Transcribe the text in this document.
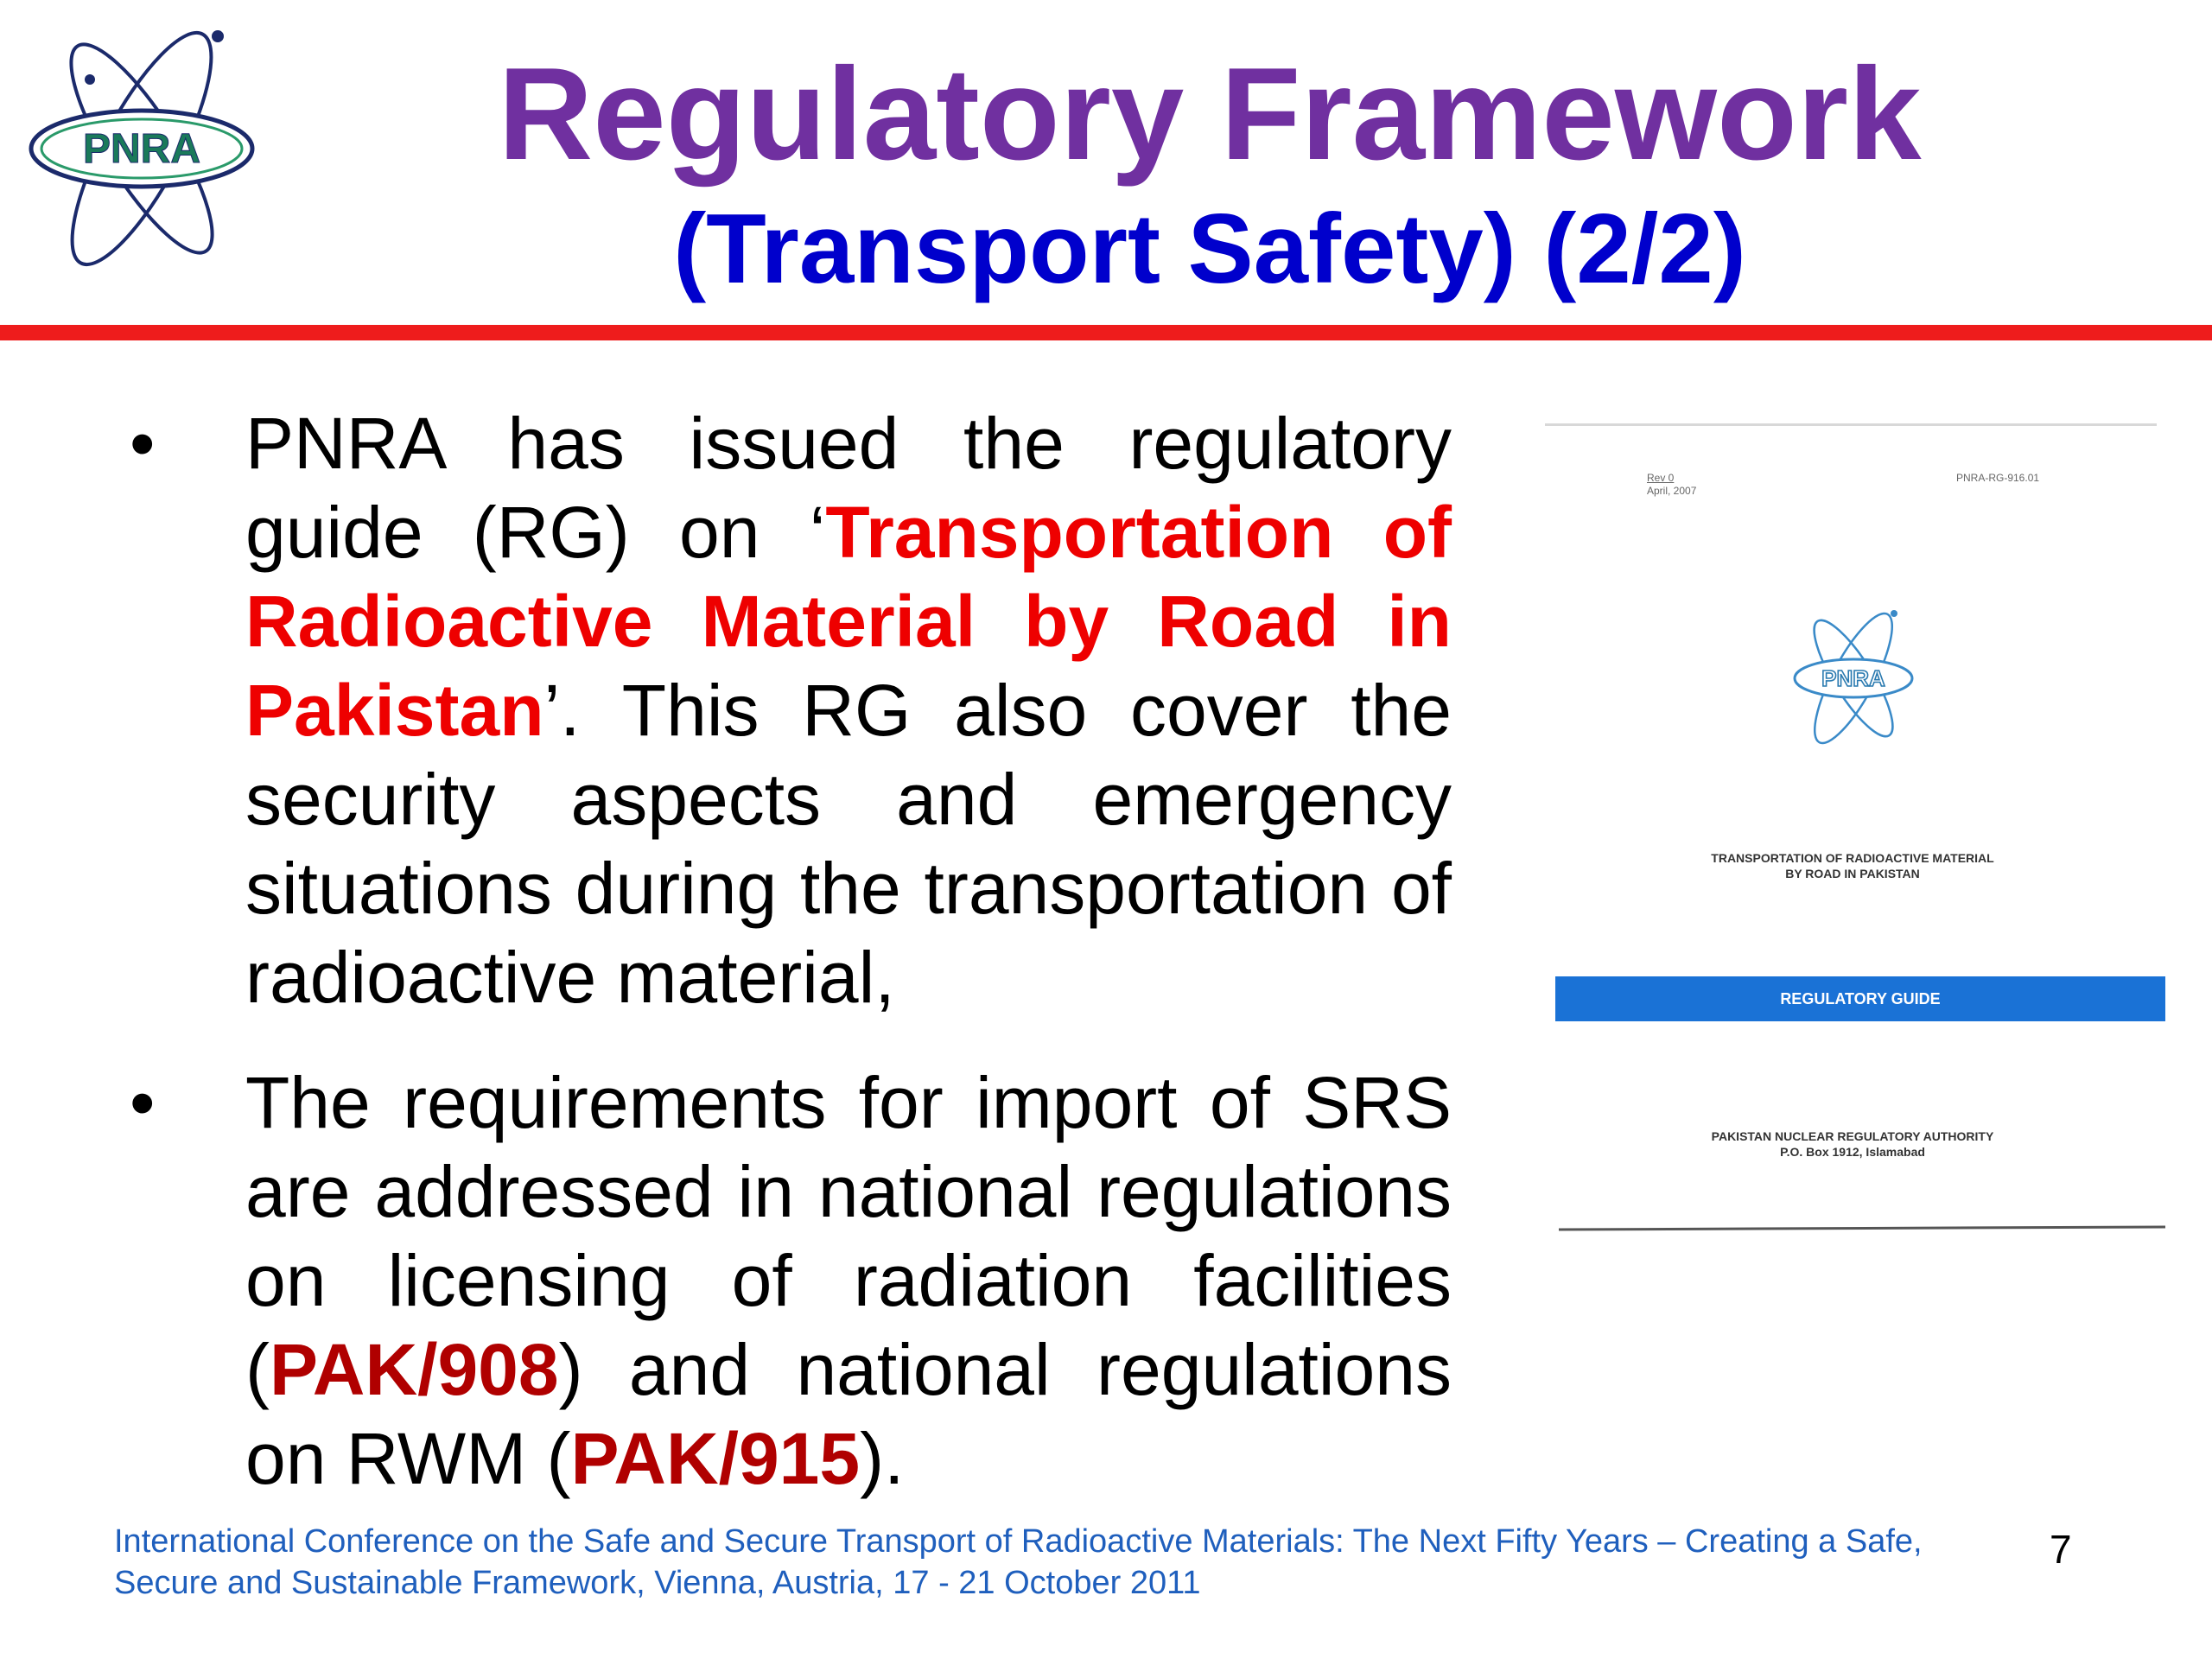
PNRA	Regulatory Framework
(Transport Safety) (2/2)
• PNRA has issued the regulatory guide (RG) on ‘Transportation of Radioactive Material by Road in Pakistan’. This RG also cover the security aspects and emergency situations during the transportation of radioactive material,
• The requirements for import of SRS are addressed in national regulations on licensing of radiation facilities (PAK/908) and national regulations on RWM (PAK/915).
Rev 0
April, 2007
PNRA-RG-916.01
PNRA
TRANSPORTATION OF RADIOACTIVE MATERIAL
BY ROAD IN PAKISTAN
REGULATORY GUIDE
PAKISTAN NUCLEAR REGULATORY AUTHORITY
P.O. Box 1912, Islamabad
International Conference on the Safe and Secure Transport of Radioactive Materials: The Next Fifty Years – Creating a Safe,
Secure and Sustainable Framework, Vienna, Austria, 17 - 21 October 2011
7
